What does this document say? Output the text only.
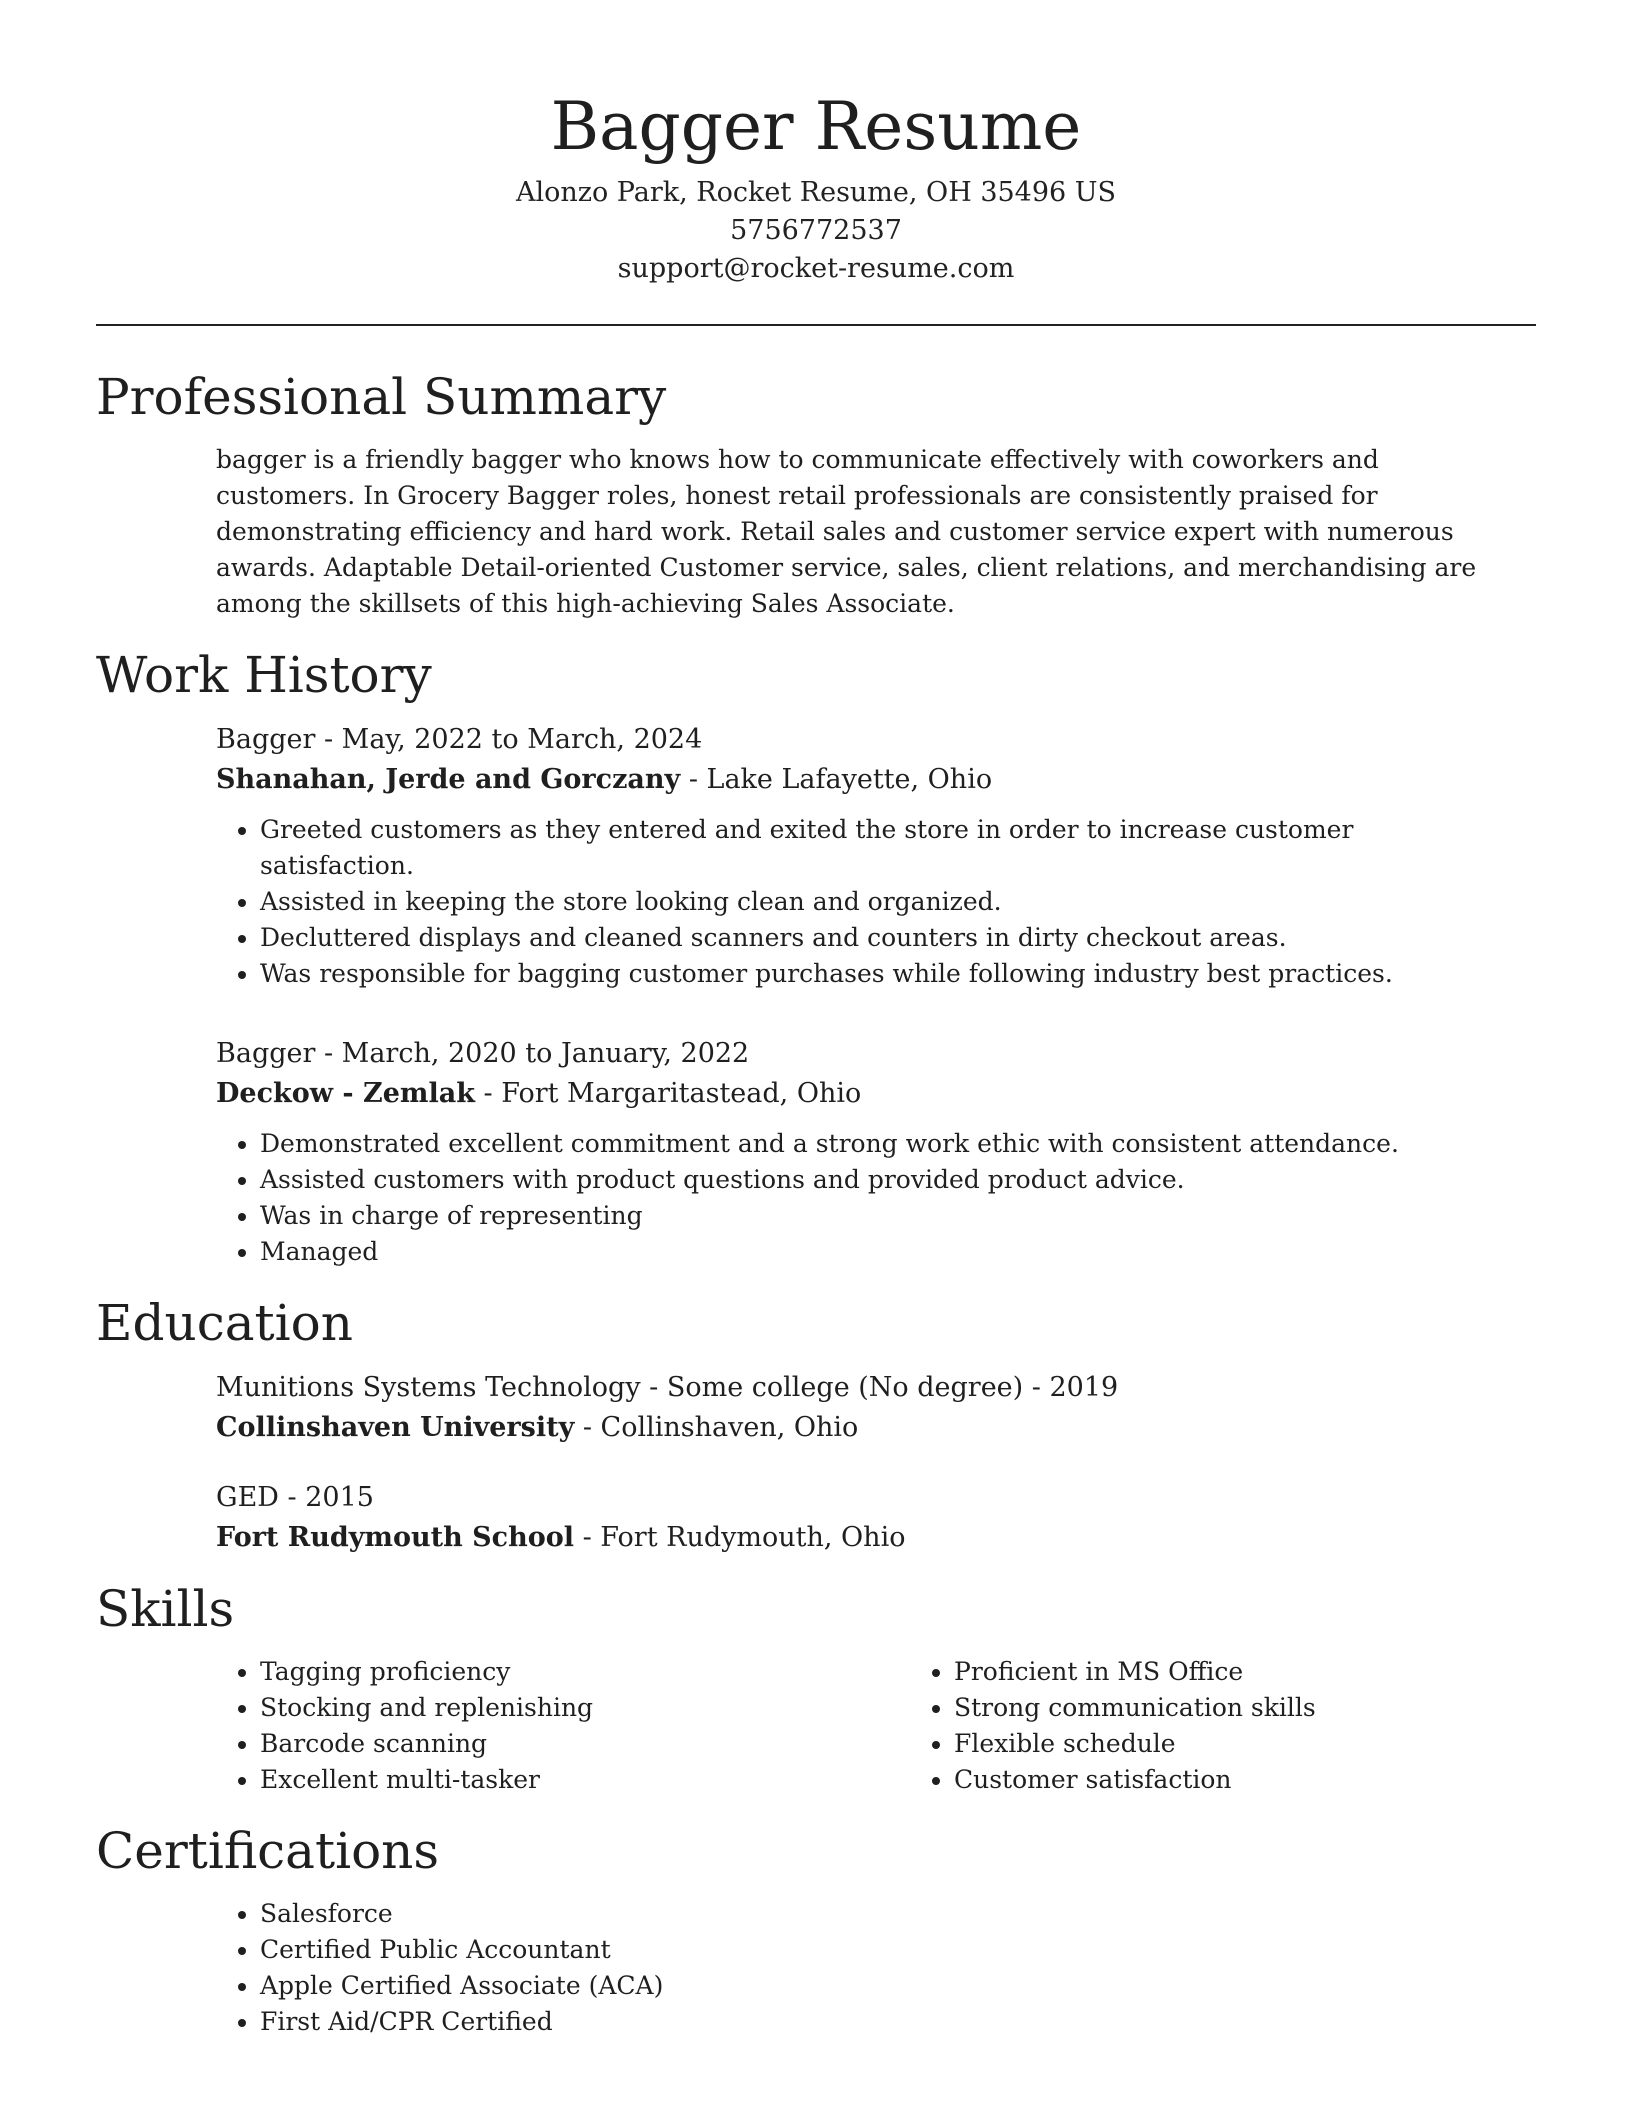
Bagger Resume
Alonzo Park, Rocket Resume, OH 35496 US
5756772537
support@rocket-resume.com
Professional Summary

bagger is a friendly bagger who knows how to communicate effectively with coworkers and customers. In Grocery Bagger roles, honest retail professionals are consistently praised for demonstrating efficiency and hard work. Retail sales and customer service expert with numerous awards. Adaptable Detail-oriented Customer service, sales, client relations, and merchandising are among the skillsets of this high-achieving Sales Associate.

Work History
Bagger - May, 2022 to March, 2024
Shanahan, Jerde and Gorczany - Lake Lafayette, Ohio
• Greeted customers as they entered and exited the store in order to increase customer satisfaction.
• Assisted in keeping the store looking clean and organized.
• Decluttered displays and cleaned scanners and counters in dirty checkout areas.
• Was responsible for bagging customer purchases while following industry best practices.
Bagger - March, 2020 to January, 2022
Deckow - Zemlak - Fort Margaritastead, Ohio
• Demonstrated excellent commitment and a strong work ethic with consistent attendance.
• Assisted customers with product questions and provided product advice.
• Was in charge of representing
• Managed
Education
Munitions Systems Technology - Some college (No degree) - 2019
Collinshaven University - Collinshaven, Ohio
GED - 2015
Fort Rudymouth School - Fort Rudymouth, Ohio
Skills
• Tagging proficiency
• Stocking and replenishing
• Barcode scanning
• Excellent multi-tasker
• Proficient in MS Office
• Strong communication skills
• Flexible schedule
• Customer satisfaction
Certifications
• Salesforce
• Certified Public Accountant
• Apple Certified Associate (ACA)
• First Aid/CPR Certified
